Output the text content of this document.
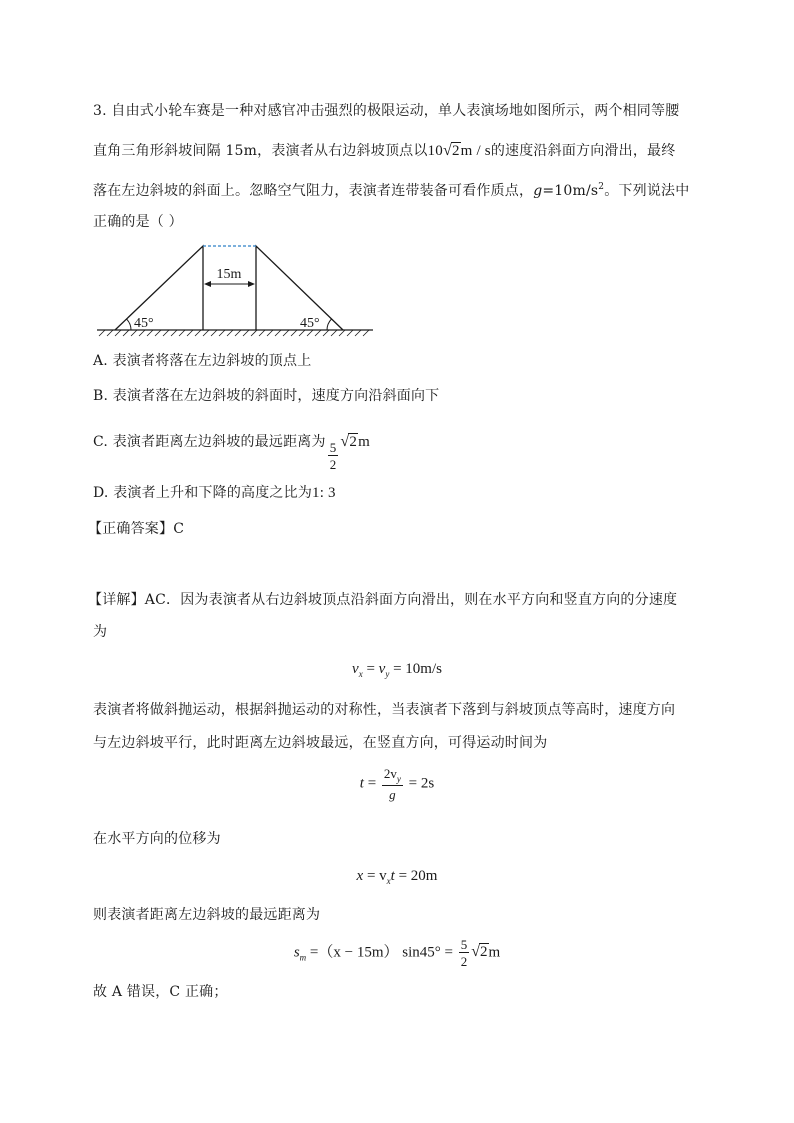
3. 自由式小轮车赛是一种对感官冲击强烈的极限运动，单人表演场地如图所示，两个相同等腰
直角三角形斜坡间隔 15m，表演者从右边斜坡顶点以10√2m / s的速度沿斜面方向滑出，最终
落在左边斜坡的斜面上。忽略空气阻力，表演者连带装备可看作质点，$g=10m/s^2$。下列说法中
正确的是（ ）
15m
45°	45°
A. 表演者将落在左边斜坡的顶点上
B. 表演者落在左边斜坡的斜面时，速度方向沿斜面向下
C. 表演者距离左边斜坡的最远距离为 $\frac{5}{2} √2m$
D. 表演者上升和下降的高度之比为1: 3
【正确答案】C
【详解】AC．因为表演者从右边斜坡顶点沿斜面方向滑出，则在水平方向和竖直方向的分速度
为
$v_x = v_y = 10m/s$
表演者将做斜抛运动，根据斜抛运动的对称性，当表演者下落到与斜坡顶点等高时，速度方向
与左边斜坡平行，此时距离左边斜坡最远，在竖直方向，可得运动时间为
$t = \frac{2v_y}{g} = 2s$
在水平方向的位移为
$x = v_xt = 20m$
则表演者距离左边斜坡的最远距离为
$s_m =(x - 15m) \sin 45^\circ = \frac{5}{2} √2m$
故 A 错误，C 正确；
